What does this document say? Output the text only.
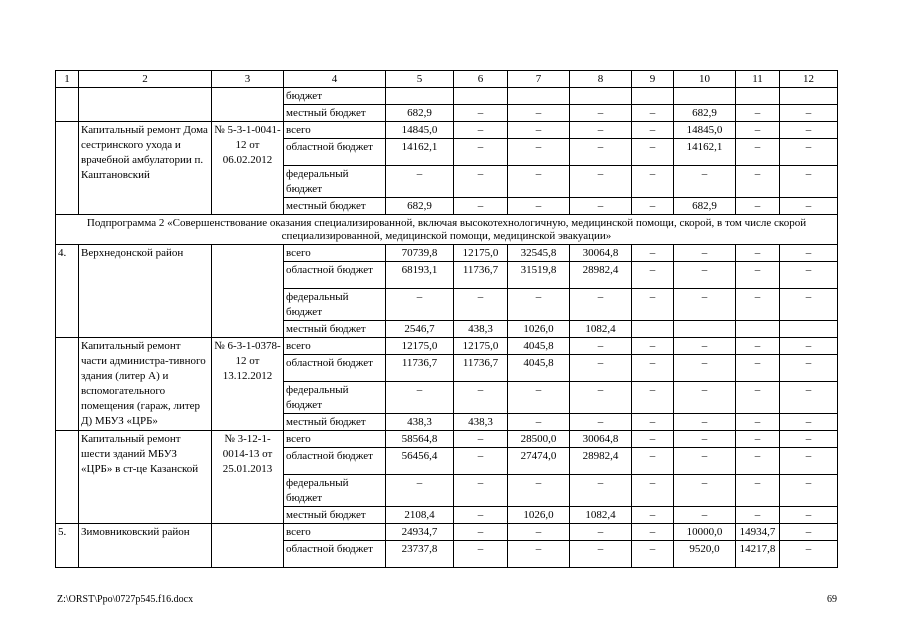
1	2	3	4	5	6	7	8	9	10	11	12
			бюджет								
			местный бюджет	682,9	–	–	–	–	682,9	–	–
	Капитальный ремонт Дома сестринского ухода и врачебной амбулатории п. Каштановский	№ 5-3-1-0041-12 от 06.02.2012	всего	14845,0	–	–	–	–	14845,0	–	–
			областной бюджет	14162,1	–	–	–	–	14162,1	–	–
			федеральный бюджет	–	–	–	–	–	–	–	–
			местный бюджет	682,9	–	–	–	–	682,9	–	–
Подпрограмма 2 «Совершенствование оказания специализированной, включая высокотехнологичную, медицинской помощи, скорой, в том числе скорой специализированной, медицинской помощи, медицинской эвакуации»											
4.	Верхнедонской район		всего	70739,8	12175,0	32545,8	30064,8	–	–	–	–
			областной бюджет	68193,1	11736,7	31519,8	28982,4	–	–	–	–
			федеральный бюджет	–	–	–	–	–	–	–	–
			местный бюджет	2546,7	438,3	1026,0	1082,4				
	Капитальный ремонт части администра-тивного здания (литер А) и вспомогательного помещения (гараж, литер Д) МБУЗ «ЦРБ»	№ 6-3-1-0378-12 от 13.12.2012	всего	12175,0	12175,0	4045,8	–	–	–	–	–
			областной бюджет	11736,7	11736,7	4045,8	–	–	–	–	–
			федеральный бюджет	–	–	–	–	–	–	–	–
			местный бюджет	438,3	438,3	–	–	–	–	–	–
	Капитальный ремонт шести зданий МБУЗ «ЦРБ» в ст-це Казанской	№ 3-12-1-0014-13 от 25.01.2013	всего	58564,8	–	28500,0	30064,8	–	–	–	–
			областной бюджет	56456,4	–	27474,0	28982,4	–	–	–	–
			федеральный бюджет	–	–	–	–	–	–	–	–
			местный бюджет	2108,4	–	1026,0	1082,4	–	–	–	–
5.	Зимовниковский район		всего	24934,7	–	–	–	–	10000,0	14934,7	–
			областной бюджет	23737,8	–	–	–	–	9520,0	14217,8	–
Z:\ORST\Ppo\0727p545.f16.docx	69
